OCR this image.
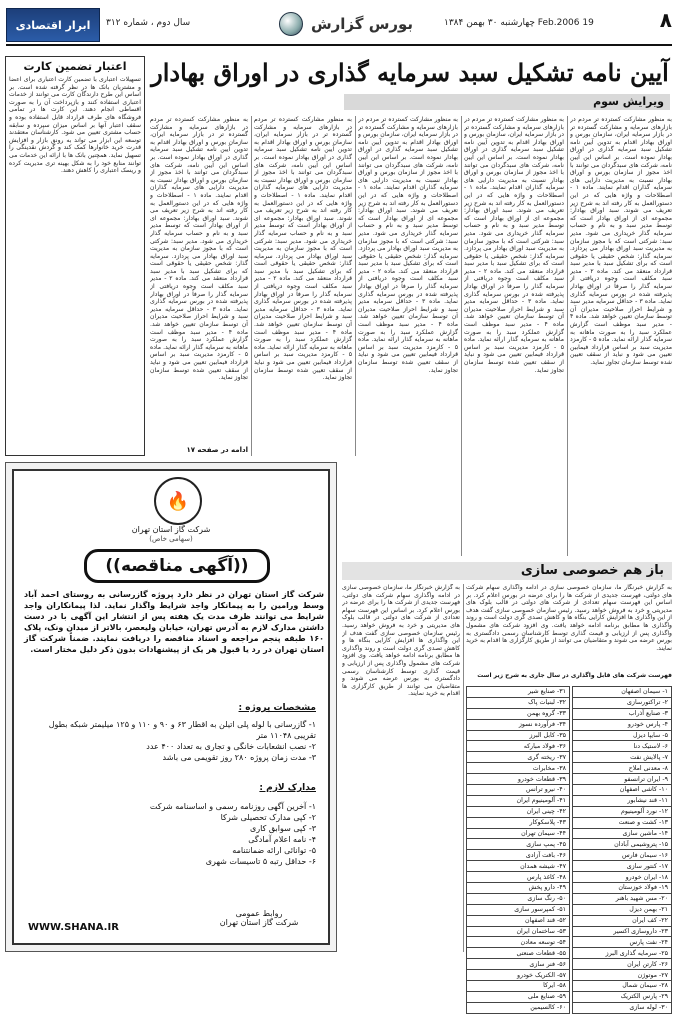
ابرار اقتصادی	سال دوم ، شماره ۳۱۲	بورس گزارش	19 Feb.2006 چهارشنبه ۳۰ بهمن ۱۳۸۴	۸
آیین نامه تشکیل سبد سرمایه گذاری در اوراق بهادار
ویرایش سوم
اعتبار تضمین کارت
تسهیلات اعتباری با تضمین کارت اعتباری برای اعضا و مشتریان بانک ها در نظر گرفته شده است. بر اساس این طرح دارندگان کارت می توانند از خدمات اعتباری استفاده کنند و بازپرداخت آن را به صورت اقساطی انجام دهند. این کارت ها در تمامی فروشگاه های طرف قرارداد قابل استفاده بوده و سقف اعتبار آنها بر اساس میزان سپرده و سابقه حساب مشتری تعیین می شود. کارشناسان معتقدند توسعه این ابزار می تواند به رونق بازار و افزایش قدرت خرید خانوارها کمک کند و گردش نقدینگی را تسهیل نماید. همچنین بانک ها با ارائه این خدمات می توانند منابع خود را به شکل بهینه تری مدیریت کرده و ریسک اعتباری را کاهش دهند.
به منظور مشارکت کسترده تر مردم در بازارهای سرمایه و مشارکت گسترده تر در بازار سرمایه ایران، سازمان بورس و اوراق بهادار اقدام به تدوین آیین نامه تشکیل سبد سرمایه گذاری در اوراق بهادار نموده است. بر اساس این آیین نامه، شرکت های سبدگردان می توانند با اخذ مجوز از سازمان بورس و اوراق بهادار نسبت به مدیریت دارایی های سرمایه گذاران اقدام نمایند. ماده ۱ - اصطلاحات و واژه هایی که در این دستورالعمل به کار رفته اند به شرح زیر تعریف می شوند. سبد اوراق بهادار: مجموعه ای از اوراق بهادار است که توسط مدیر سبد و به نام و حساب سرمایه گذار خریداری می شود. مدیر سبد: شرکتی است که با مجوز سازمان به مدیریت سبد اوراق بهادار می پردازد. سرمایه گذار: شخص حقیقی یا حقوقی است که برای تشکیل سبد با مدیر سبد قرارداد منعقد می کند. ماده ۲ - مدیر سبد مکلف است وجوه دریافتی از سرمایه گذار را صرفاً در اوراق بهادار پذیرفته شده در بورس سرمایه گذاری نماید. ماده ۳ - حداقل سرمایه مدیر سبد و شرایط احراز صلاحیت مدیران آن توسط سازمان تعیین خواهد شد. ماده ۴ - مدیر سبد موظف است گزارش عملکرد سبد را به صورت ماهانه به سرمایه گذار ارائه نماید. ماده ۵ - کارمزد مدیریت سبد بر اساس قرارداد فیمابین تعیین می شود و نباید از سقف تعیین شده توسط سازمان تجاوز نماید.
به منظور مشارکت کسترده تر مردم در بازارهای سرمایه و مشارکت گسترده تر در بازار سرمایه ایران، سازمان بورس و اوراق بهادار اقدام به تدوین آیین نامه تشکیل سبد سرمایه گذاری در اوراق بهادار نموده است. بر اساس این آیین نامه، شرکت های سبدگردان می توانند با اخذ مجوز از سازمان بورس و اوراق بهادار نسبت به مدیریت دارایی های سرمایه گذاران اقدام نمایند. ماده ۱ - اصطلاحات و واژه هایی که در این دستورالعمل به کار رفته اند به شرح زیر تعریف می شوند. سبد اوراق بهادار: مجموعه ای از اوراق بهادار است که توسط مدیر سبد و به نام و حساب سرمایه گذار خریداری می شود. مدیر سبد: شرکتی است که با مجوز سازمان به مدیریت سبد اوراق بهادار می پردازد. سرمایه گذار: شخص حقیقی یا حقوقی است که برای تشکیل سبد با مدیر سبد قرارداد منعقد می کند. ماده ۲ - مدیر سبد مکلف است وجوه دریافتی از سرمایه گذار را صرفاً در اوراق بهادار پذیرفته شده در بورس سرمایه گذاری نماید. ماده ۳ - حداقل سرمایه مدیر سبد و شرایط احراز صلاحیت مدیران آن توسط سازمان تعیین خواهد شد. ماده ۴ - مدیر سبد موظف است گزارش عملکرد سبد را به صورت ماهانه به سرمایه گذار ارائه نماید. ماده ۵ - کارمزد مدیریت سبد بر اساس قرارداد فیمابین تعیین می شود و نباید از سقف تعیین شده توسط سازمان تجاوز نماید.
به منظور مشارکت کسترده تر مردم در بازارهای سرمایه و مشارکت گسترده تر در بازار سرمایه ایران، سازمان بورس و اوراق بهادار اقدام به تدوین آیین نامه تشکیل سبد سرمایه گذاری در اوراق بهادار نموده است. بر اساس این آیین نامه، شرکت های سبدگردان می توانند با اخذ مجوز از سازمان بورس و اوراق بهادار نسبت به مدیریت دارایی های سرمایه گذاران اقدام نمایند. ماده ۱ - اصطلاحات و واژه هایی که در این دستورالعمل به کار رفته اند به شرح زیر تعریف می شوند. سبد اوراق بهادار: مجموعه ای از اوراق بهادار است که توسط مدیر سبد و به نام و حساب سرمایه گذار خریداری می شود. مدیر سبد: شرکتی است که با مجوز سازمان به مدیریت سبد اوراق بهادار می پردازد. سرمایه گذار: شخص حقیقی یا حقوقی است که برای تشکیل سبد با مدیر سبد قرارداد منعقد می کند. ماده ۲ - مدیر سبد مکلف است وجوه دریافتی از سرمایه گذار را صرفاً در اوراق بهادار پذیرفته شده در بورس سرمایه گذاری نماید. ماده ۳ - حداقل سرمایه مدیر سبد و شرایط احراز صلاحیت مدیران آن توسط سازمان تعیین خواهد شد. ماده ۴ - مدیر سبد موظف است گزارش عملکرد سبد را به صورت ماهانه به سرمایه گذار ارائه نماید. ماده ۵ - کارمزد مدیریت سبد بر اساس قرارداد فیمابین تعیین می شود و نباید از سقف تعیین شده توسط سازمان تجاوز نماید.
به منظور مشارکت کسترده تر مردم در بازارهای سرمایه و مشارکت گسترده تر در بازار سرمایه ایران، سازمان بورس و اوراق بهادار اقدام به تدوین آیین نامه تشکیل سبد سرمایه گذاری در اوراق بهادار نموده است. بر اساس این آیین نامه، شرکت های سبدگردان می توانند با اخذ مجوز از سازمان بورس و اوراق بهادار نسبت به مدیریت دارایی های سرمایه گذاران اقدام نمایند. ماده ۱ - اصطلاحات و واژه هایی که در این دستورالعمل به کار رفته اند به شرح زیر تعریف می شوند. سبد اوراق بهادار: مجموعه ای از اوراق بهادار است که توسط مدیر سبد و به نام و حساب سرمایه گذار خریداری می شود. مدیر سبد: شرکتی است که با مجوز سازمان به مدیریت سبد اوراق بهادار می پردازد. سرمایه گذار: شخص حقیقی یا حقوقی است که برای تشکیل سبد با مدیر سبد قرارداد منعقد می کند. ماده ۲ - مدیر سبد مکلف است وجوه دریافتی از سرمایه گذار را صرفاً در اوراق بهادار پذیرفته شده در بورس سرمایه گذاری نماید. ماده ۳ - حداقل سرمایه مدیر سبد و شرایط احراز صلاحیت مدیران آن توسط سازمان تعیین خواهد شد. ماده ۴ - مدیر سبد موظف است گزارش عملکرد سبد را به صورت ماهانه به سرمایه گذار ارائه نماید. ماده ۵ - کارمزد مدیریت سبد بر اساس قرارداد فیمابین تعیین می شود و نباید از سقف تعیین شده توسط سازمان تجاوز نماید.
به منظور مشارکت کسترده تر مردم در بازارهای سرمایه و مشارکت گسترده تر در بازار سرمایه ایران، سازمان بورس و اوراق بهادار اقدام به تدوین آیین نامه تشکیل سبد سرمایه گذاری در اوراق بهادار نموده است. بر اساس این آیین نامه، شرکت های سبدگردان می توانند با اخذ مجوز از سازمان بورس و اوراق بهادار نسبت به مدیریت دارایی های سرمایه گذاران اقدام نمایند. ماده ۱ - اصطلاحات و واژه هایی که در این دستورالعمل به کار رفته اند به شرح زیر تعریف می شوند. سبد اوراق بهادار: مجموعه ای از اوراق بهادار است که توسط مدیر سبد و به نام و حساب سرمایه گذار خریداری می شود. مدیر سبد: شرکتی است که با مجوز سازمان به مدیریت سبد اوراق بهادار می پردازد. سرمایه گذار: شخص حقیقی یا حقوقی است که برای تشکیل سبد با مدیر سبد قرارداد منعقد می کند. ماده ۲ - مدیر سبد مکلف است وجوه دریافتی از سرمایه گذار را صرفاً در اوراق بهادار پذیرفته شده در بورس سرمایه گذاری نماید. ماده ۳ - حداقل سرمایه مدیر سبد و شرایط احراز صلاحیت مدیران آن توسط سازمان تعیین خواهد شد. ماده ۴ - مدیر سبد موظف است گزارش عملکرد سبد را به صورت ماهانه به سرمایه گذار ارائه نماید. ماده ۵ - کارمزد مدیریت سبد بر اساس قرارداد فیمابین تعیین می شود و نباید از سقف تعیین شده توسط سازمان تجاوز نماید.
ادامه در صفحه ۱۷
🔥
شرکت گاز استان تهران
(سهامی خاص)
((آگهی مناقصه))
شرکت گاز استان تهران در نظر دارد پروژه گازرسانی به روستای احمد آباد وسط ورامین را به پیمانکار واجد شرایط واگذار نماید. لذا پیمانکاران واجد شرایط می توانند ظرف مدت یک هفته پس از انتشار این آگهی با در دست داشتن مدارک لازم به آدرس تهران، خیابان ولیعصر، بالاتر از میدان ونک، پلاک ۱۶۰ طبقه پنجم مراجعه و اسناد مناقصه را دریافت نمایند. ضمناً شرکت گاز استان تهران در رد یا قبول هر یک از پیشنهادات بدون ذکر دلیل مختار است.
مشخصات پروژه :
۱- گازرسانی با لوله پلی اتیلن به اقطار ۶۳ و ۹۰ و ۱۱۰ و ۱۲۵ میلیمتر شبکه بطول تقریبی ۱۱۰۴۸ متر
۲- نصب انشعابات خانگی و تجاری به تعداد ۴۰۰ عدد
۳- مدت زمان پروژه ۲۸۰ روز تقویمی می باشد
مدارک لازم :
۱- آخرین آگهی روزنامه رسمی و اساسنامه شرکت
۲- کپی مدارک تحصیلی شرکا
۳- کپی سوابق کاری
۴- نامه اعلام آمادگی
۵- توانائی ارائه ضمانتنامه
۶- حداقل رتبه ۵ تاسیسات شهری
روابط عمومی
شرکت گاز استان تهران
WWW.SHANA.IR
باز هم خصوصی سازی
به گزارش خبرنگار ما، سازمان خصوصی سازی در ادامه واگذاری سهام شرکت های دولتی، فهرست جدیدی از شرکت ها را برای عرضه در بورس اعلام کرد. بر اساس این فهرست سهام تعدادی از شرکت های دولتی در قالب بلوک های مدیریتی و خرد به فروش خواهد رسید. رئیس سازمان خصوصی سازی گفت هدف از این واگذاری ها افزایش کارایی بنگاه ها و کاهش تصدی گری دولت است و روند واگذاری ها مطابق برنامه ادامه خواهد یافت. وی افزود شرکت های مشمول واگذاری پس از ارزیابی و قیمت گذاری توسط کارشناسان رسمی دادگستری به بورس عرضه می شوند و متقاضیان می توانند از طریق کارگزاری ها اقدام به خرید نمایند.
به گزارش خبرنگار ما، سازمان خصوصی سازی در ادامه واگذاری سهام شرکت های دولتی، فهرست جدیدی از شرکت ها را برای عرضه در بورس اعلام کرد. بر اساس این فهرست سهام تعدادی از شرکت های دولتی در قالب بلوک های مدیریتی و خرد به فروش خواهد رسید. رئیس سازمان خصوصی سازی گفت هدف از این واگذاری ها افزایش کارایی بنگاه ها و کاهش تصدی گری دولت است و روند واگذاری ها مطابق برنامه ادامه خواهد یافت. وی افزود شرکت های مشمول واگذاری پس از ارزیابی و قیمت گذاری توسط کارشناسان رسمی دادگستری به بورس عرضه می شوند و متقاضیان می توانند از طریق کارگزاری ها اقدام به خرید نمایند.
فهرست شرکت های قابل واگذاری در سال جاری به شرح زیر است
۱- سیمان اصفهان
۲- تراکتورسازی
۳- صنایع آذراب
۴- پارس خودرو
۵- سایپا دیزل
۶- لاستیک دنا
۷- پالایش نفت
۸- معدنی املاح
۹- ایران ترانسفو
۱۰- کاشی اصفهان
۱۱- قند نیشابور
۱۲- نورد آلومینیوم
۱۳- کشت و صنعت
۱۴- ماشین سازی
۱۵- پتروشیمی آبادان
۱۶- سیمان فارس
۱۷- کنتور سازی
۱۸- ایران خودرو
۱۹- فولاد خوزستان
۲۰- مس شهید باهنر
۲۱- بهمن دیزل
۲۲- کف ایران
۲۳- داروسازی اکسیر
۲۴- نفت پارس
۲۵- سرمایه گذاری البرز
۲۶- کارتن ایران
۲۷- موتوژن
۲۸- سیمان شمال
۲۹- پارس الکتریک
۳۰- لوله سازی
۳۱- صنایع شیر
۳۲- لبنیات پاک
۳۳- گروه بهمن
۳۴- فرآورده نسوز
۳۵- کابل البرز
۳۶- فولاد مبارکه
۳۷- ریخته گری
۳۸- مخابرات
۳۹- قطعات خودرو
۴۰- نیرو ترانس
۴۱- آلومینیوم ایران
۴۲- چینی ایران
۴۳- پلاسکوکار
۴۴- سیمان تهران
۴۵- پمپ سازی
۴۶- بافت آزادی
۴۷- شیشه همدان
۴۸- کاغذ پارس
۴۹- دارو پخش
۵۰- رنگ سازی
۵۱- کمپرسور سازی
۵۲- قند اصفهان
۵۳- ساختمان ایران
۵۴- توسعه معادن
۵۵- قطعات صنعتی
۵۶- فنر سازی
۵۷- الکتریک خودرو
۵۸- ایرکا
۵۹- صنایع ملی
۶۰- کالسیمین
